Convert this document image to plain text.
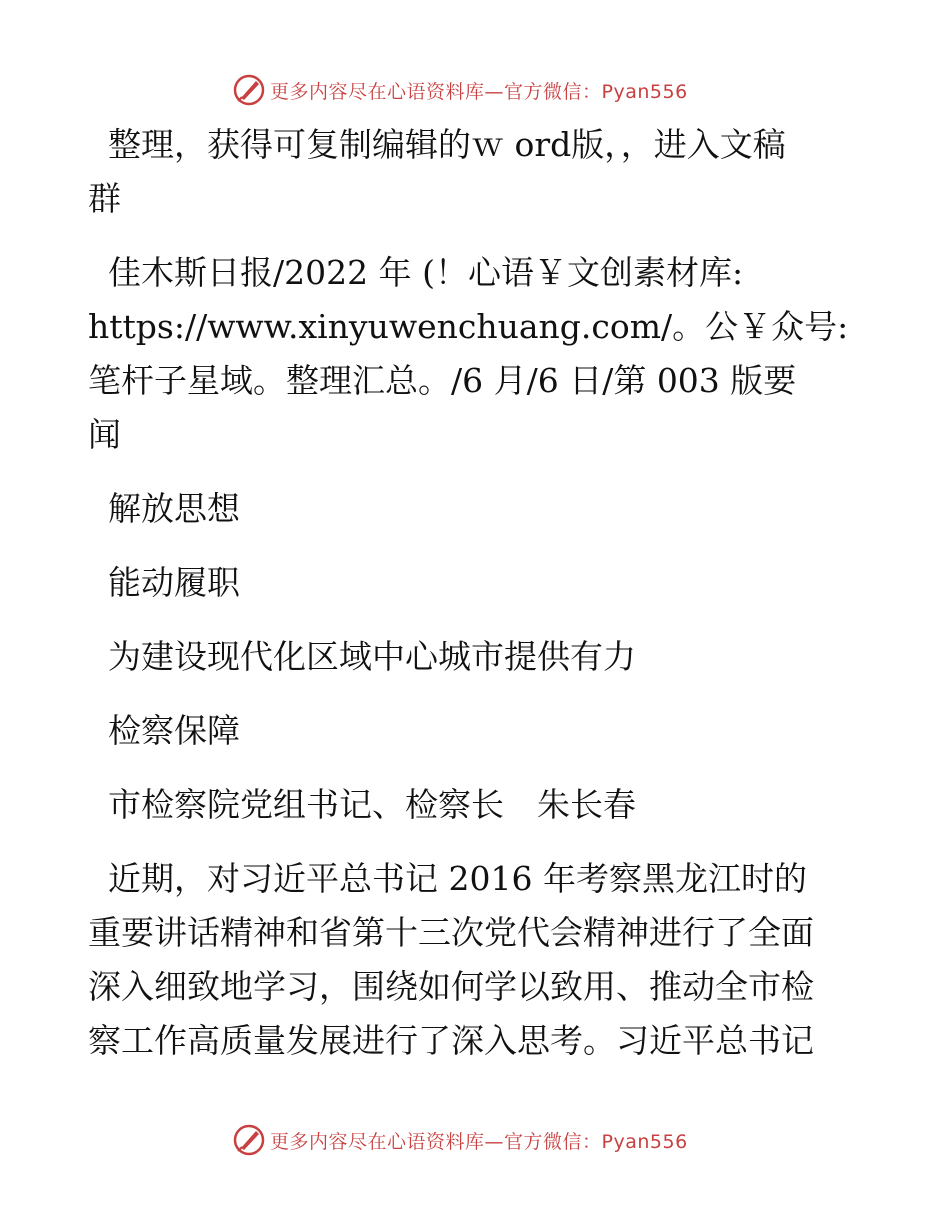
更多内容尽在心语资料库—官方微信：Pyan556

整理，获得可复制编辑的ｗ ord版，，进入文稿
群

佳木斯日报/2022 年 (！心语￥文创素材库:
https://www.xinyuwenchuang.com/。公￥众号:
笔杆子星域。整理汇总。/6 月/6 日/第 003 版要
闻

解放思想

能动履职

为建设现代化区域中心城市提供有力

检察保障

市检察院党组书记、检察长　朱长春

近期，对习近平总书记 2016 年考察黑龙江时的
重要讲话精神和省第十三次党代会精神进行了全面
深入细致地学习，围绕如何学以致用、推动全市检
察工作高质量发展进行了深入思考。习近平总书记

更多内容尽在心语资料库—官方微信：Pyan556
